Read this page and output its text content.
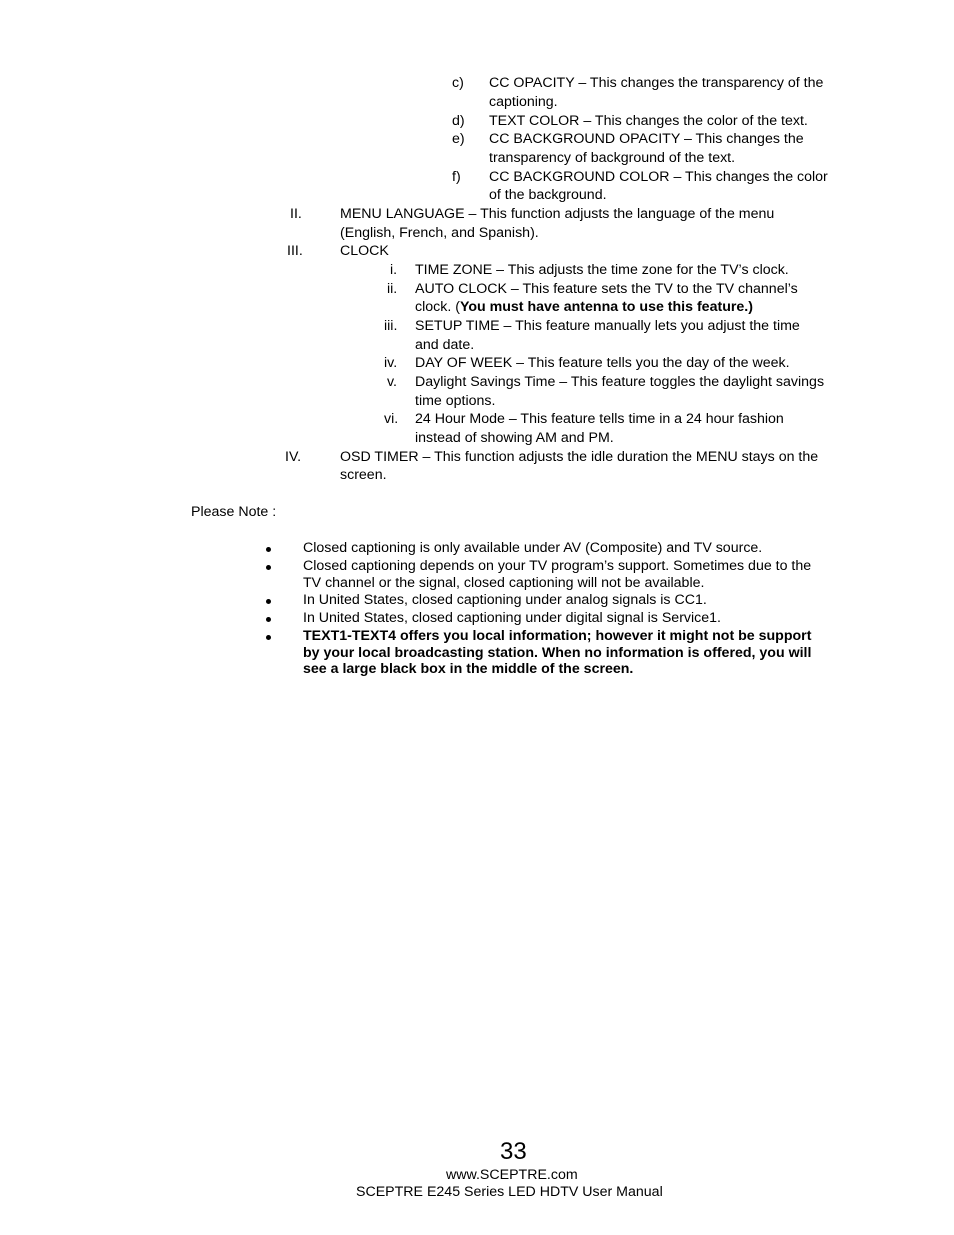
c) CC OPACITY – This changes the transparency of the
captioning.
d) TEXT COLOR – This changes the color of the text.
e) CC BACKGROUND OPACITY – This changes the
transparency of background of the text.
f) CC BACKGROUND COLOR – This changes the color
of the background.
II.	MENU LANGUAGE – This function adjusts the language of the menu
(English, French, and Spanish).
III.	CLOCK
i. TIME ZONE – This adjusts the time zone for the TV’s clock.
ii. AUTO CLOCK – This feature sets the TV to the TV channel’s
clock. (You must have antenna to use this feature.)
iii. SETUP TIME – This feature manually lets you adjust the time
and date.
iv. DAY OF WEEK – This feature tells you the day of the week.
v. Daylight Savings Time – This feature toggles the daylight savings
time options.
vi. 24 Hour Mode – This feature tells time in a 24 hour fashion
instead of showing AM and PM.
IV.	OSD TIMER – This function adjusts the idle duration the MENU stays on the
screen.
Please Note :
Closed captioning is only available under AV (Composite) and TV source.
Closed captioning depends on your TV program’s support. Sometimes due to the
TV channel or the signal, closed captioning will not be available.
In United States, closed captioning under analog signals is CC1.
In United States, closed captioning under digital signal is Service1.
TEXT1-TEXT4 offers you local information; however it might not be support
by your local broadcasting station. When no information is offered, you will
see a large black box in the middle of the screen.
33
www.SCEPTRE.com
SCEPTRE E245 Series LED HDTV User Manual
